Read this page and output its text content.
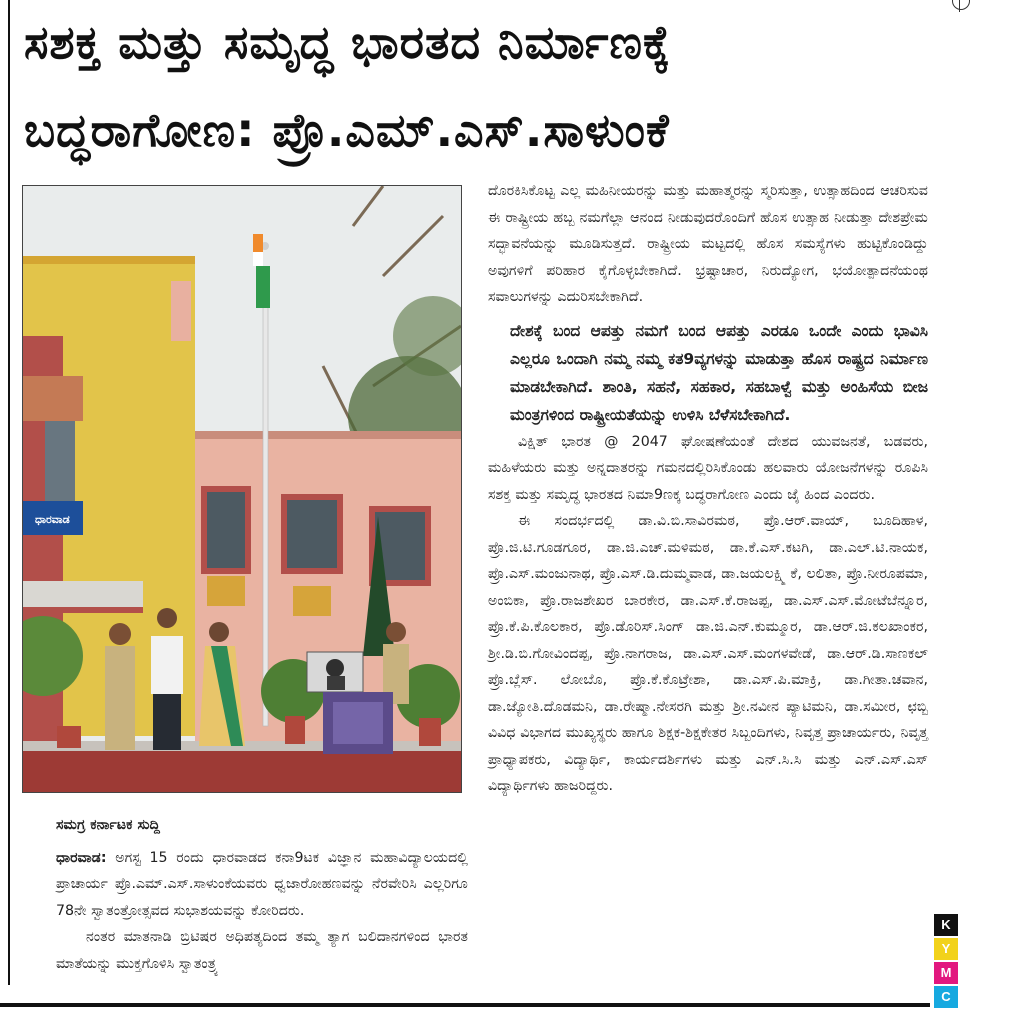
ಸಶಕ್ತ ಮತ್ತು ಸಮೃದ್ಧ ಭಾರತದ ನಿರ್ಮಾಣಕ್ಕೆ
ಬದ್ಧರಾಗೋಣ: ಪ್ರೊ.ಎಮ್.ಎಸ್.ಸಾಳುಂಕೆ
ಧಾರವಾಡ

ದೊರಕಿಸಿಕೊಟ್ಟ ಎಲ್ಲ ಮಹಿನೀಯರನ್ನು ಮತ್ತು ಮಹಾತ್ಮರನ್ನು ಸ್ಮರಿಸುತ್ತಾ, ಉತ್ಸಾಹದಿಂದ ಆಚರಿಸುವ ಈ ರಾಷ್ಟ್ರೀಯ ಹಬ್ಬ ನಮಗೆಲ್ಲಾ ಆನಂದ ನೀಡುವುದರೊಂದಿಗೆ ಹೊಸ ಉತ್ಸಾಹ ನೀಡುತ್ತಾ ದೇಶಪ್ರೇಮ ಸದ್ಭಾವನೆಯನ್ನು ಮೂಡಿಸುತ್ತದೆ. ರಾಷ್ಟ್ರೀಯ ಮಟ್ಟದಲ್ಲಿ ಹೊಸ ಸಮಸ್ಯೆಗಳು ಹುಟ್ಟಿಕೊಂಡಿದ್ದು ಅವುಗಳಿಗೆ ಪರಿಹಾರ ಕೈಗೊಳ್ಳಬೇಕಾಗಿದೆ. ಭ್ರಷ್ಟಾಚಾರ, ನಿರುದ್ಯೋಗ, ಭಯೋತ್ಪಾದನೆಯಂಥ ಸವಾಲುಗಳನ್ನು ಎದುರಿಸಬೇಕಾಗಿದೆ.

ದೇಶಕ್ಕೆ ಬಂದ ಆಪತ್ತು ನಮಗೆ ಬಂದ ಆಪತ್ತು ಎರಡೂ ಒಂದೇ ಎಂದು ಭಾವಿಸಿ ಎಲ್ಲರೂ ಒಂದಾಗಿ ನಮ್ಮ ನಮ್ಮ ಕತ9ವ್ಯಗಳನ್ನು ಮಾಡುತ್ತಾ ಹೊಸ ರಾಷ್ಟ್ರದ ನಿರ್ಮಾಣ ಮಾಡಬೇಕಾಗಿದೆ. ಶಾಂತಿ, ಸಹನೆ, ಸಹಕಾರ, ಸಹಬಾಳ್ವೆ ಮತ್ತು ಅಂಹಿಸೆಯ ಬೀಜ ಮಂತ್ರಗಳಿಂದ ರಾಷ್ಟ್ರೀಯತೆಯನ್ನು ಉಳಿಸಿ ಬೆಳೆಸಬೇಕಾಗಿದೆ.

ವಿಕ್ಷಿತ್ ಭಾರತ @ 2047 ಘೋಷಣೆಯಂತೆ ದೇಶದ ಯುವಜನತೆ, ಬಡವರು, ಮಹಿಳೆಯರು ಮತ್ತು ಅನ್ನದಾತರನ್ನು ಗಮನದಲ್ಲಿರಿಸಿಕೊಂಡು ಹಲವಾರು ಯೋಜನೆಗಳನ್ನು ರೂಪಿಸಿ ಸಶಕ್ತ ಮತ್ತು ಸಮೃದ್ಧ ಭಾರತದ ನಿಮಾ9ಣಕ್ಕ ಬದ್ಧರಾಗೋಣ ಎಂದು ಜೈ ಹಿಂದ ಎಂದರು.

ಈ ಸಂದರ್ಭದಲ್ಲಿ ಡಾ.ವಿ.ಬಿ.ಸಾವಿರಮಠ, ಪ್ರೊ.ಆರ್.ವಾಯ್, ಬೂದಿಹಾಳ, ಪ್ರೊ.ಜಿ.ಟಿ.ಗೂಡಗೂರ, ಡಾ.ಜಿ.ಎಚ್.ಮಳಿಮಠ, ಡಾ.ಕೆ.ಎಸ್.ಕಟಗಿ, ಡಾ.ಎಲ್.ಟಿ.ನಾಯಕ, ಪ್ರೊ.ಎಸ್.ಮಂಜುನಾಥ, ಪ್ರೊ.ಎಸ್.ಡಿ.ದುಮ್ಮವಾಡ, ಡಾ.ಜಯಲಕ್ಷ್ಮಿ ಕೆ, ಲಲಿತಾ, ಪ್ರೊ.ನೀರೂಪಮಾ, ಅಂಬಿಕಾ, ಪ್ರೊ.ರಾಜಶೇಖರ ಬಾರಕೇರ, ಡಾ.ಎಸ್.ಕೆ.ರಾಜಪ್ಪ, ಡಾ.ಎಸ್.ಎಸ್.ಮೋಟೆಬೆನ್ನೂರ, ಪ್ರೊ.ಕೆ.ಪಿ.ಕೊಲಕಾರ, ಪ್ರೊ.ಡೊರಿಸ್.ಸಿಂಗ್ ಡಾ.ಜಿ.ಎನ್.ಕುಮ್ಮೂರ, ಡಾ.ಆರ್.ಜಿ.ಕಲಖಾಂಕರ, ಶ್ರೀ.ಡಿ.ಬಿ.ಗೋವಿಂದಪ್ಪ, ಪ್ರೊ.ನಾಗರಾಜ, ಡಾ.ಎಸ್.ಎಸ್.ಮಂಗಳವೇಡೆ, ಡಾ.ಆರ್.ಡಿ.ಸಾಣಕಲ್ ಪ್ರೊ.ಬ್ಲೆಸ್. ಲೋಬೊ, ಪ್ರೊ.ಕೆ.ಕೊಟ್ರೇಶಾ, ಡಾ.ಎಸ್.ಪಿ.ಮಾಕ್ರಿ, ಡಾ.ಗೀತಾ.ಚವಾನ, ಡಾ.ಜ್ಯೋತಿ.ದೊಡಮನಿ, ಡಾ.ರೇಷ್ಮಾ.ನೇಸರಗಿ ಮತ್ತು ಶ್ರೀ.ನವೀನ ಪ್ಯಾಟಿಮನಿ, ಡಾ.ಸಮೀರ, ಛಬ್ಬಿ ವಿವಿಧ ವಿಭಾಗದ ಮುಖ್ಯಸ್ಥರು ಹಾಗೂ ಶಿಕ್ಷಕ-ಶಿಕ್ಷಕೇತರ ಸಿಬ್ಬಂದಿಗಳು, ನಿವೃತ್ತ ಪ್ರಾಚಾರ್ಯರು, ನಿವೃತ್ತ ಪ್ರಾಧ್ಯಾಪಕರು, ವಿದ್ಯಾರ್ಥಿ, ಕಾರ್ಯದರ್ಶಿಗಳು ಮತ್ತು ಎನ್.ಸಿ.ಸಿ ಮತ್ತು ಎನ್.ಎಸ್.ಎಸ್ ವಿದ್ಯಾರ್ಥಿಗಳು ಹಾಜರಿದ್ದರು.

ಸಮಗ್ರ ಕರ್ನಾಟಕ ಸುದ್ದಿ

ಧಾರವಾಡ: ಅಗಸ್ಟ 15 ರಂದು ಧಾರವಾಡದ ಕನಾ9ಟಕ ವಿಜ್ಞಾನ ಮಹಾವಿದ್ಯಾಲಯದಲ್ಲಿ ಪ್ರಾಚಾರ್ಯ ಪ್ರೊ.ಎಮ್.ಎಸ್.ಸಾಳುಂಕೆಯವರು ಧ್ವಜಾರೋಹಣವನ್ನು ನೆರವೇರಿಸಿ ಎಲ್ಲರಿಗೂ 78ನೇ ಸ್ವಾತಂತ್ರೋತ್ಸವದ ಸುಭಾಶಯವನ್ನು ಕೋರಿದರು.

ನಂತರ ಮಾತನಾಡಿ ಬ್ರಿಟಿಷರ ಅಧಿಪತ್ಯದಿಂದ ತಮ್ಮ ತ್ಯಾಗ ಬಲಿದಾನಗಳಿಂದ ಭಾರತ ಮಾತೆಯನ್ನು ಮುಕ್ತಗೊಳಿಸಿ ಸ್ವಾತಂತ್ರ್ಯ

K
Y
M
C
